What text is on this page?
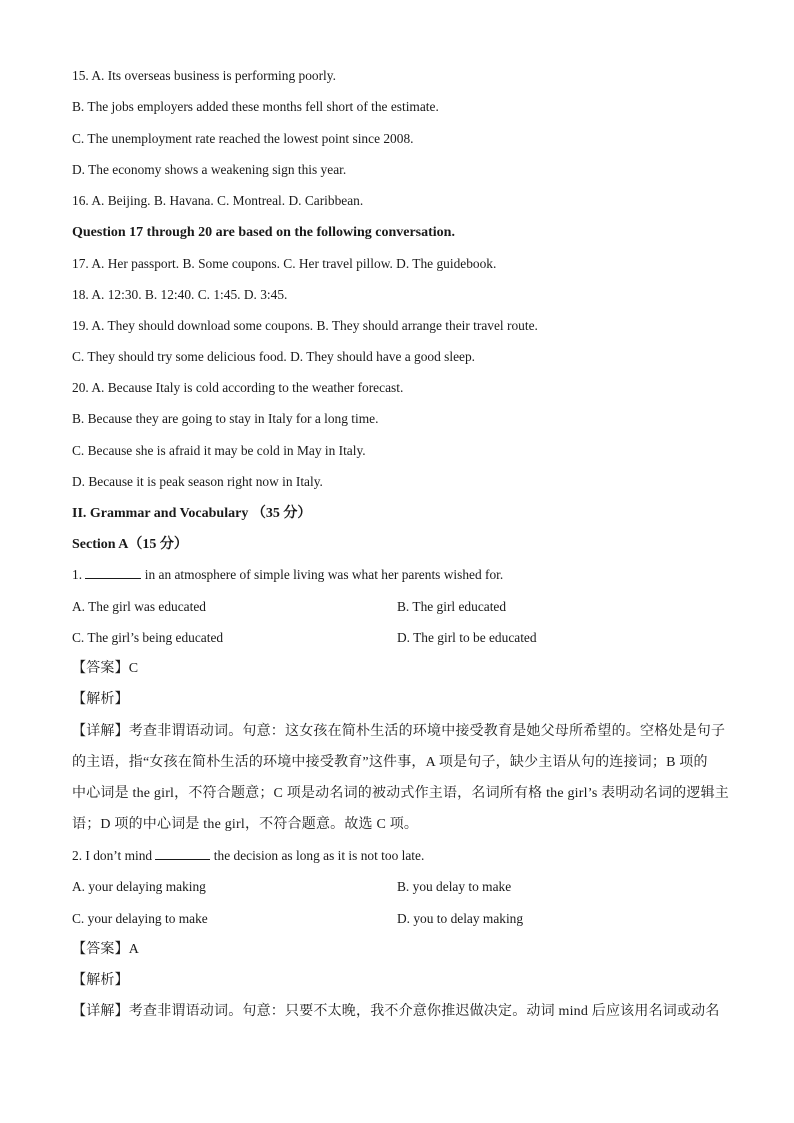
15. A. Its overseas business is performing poorly.

B. The jobs employers added these months fell short of the estimate.

C. The unemployment rate reached the lowest point since 2008.

D. The economy shows a weakening sign this year.

16. A. Beijing. B. Havana. C. Montreal. D. Caribbean.

Question 17 through 20 are based on the following conversation.

17. A. Her passport. B. Some coupons. C. Her travel pillow. D. The guidebook.

18. A. 12:30. B. 12:40. C. 1:45. D. 3:45.

19. A. They should download some coupons. B. They should arrange their travel route.

C. They should try some delicious food. D. They should have a good sleep.

20. A. Because Italy is cold according to the weather forecast.

B. Because they are going to stay in Italy for a long time.

C. Because she is afraid it may be cold in May in Italy.

D. Because it is peak season right now in Italy.

II. Grammar and Vocabulary （35 分）

Section A（15 分）

1.	in an atmosphere of simple living was what her parents wished for.

A. The girl was educated	B. The girl educated

C. The girl’s being educated	D. The girl to be educated

【答案】C

【解析】

【详解】考查非谓语动词。句意：这女孩在简朴生活的环境中接受教育是她父母所希望的。空格处是句子

的主语，指“女孩在简朴生活的环境中接受教育”这件事，A 项是句子，缺少主语从句的连接词；B 项的

中心词是 the girl，不符合题意；C 项是动名词的被动式作主语，名词所有格 the girl’s 表明动名词的逻辑主

语；D 项的中心词是 the girl，不符合题意。故选 C 项。

2. I don’t mind	the decision as long as it is not too late.

A. your delaying making	B. you delay to make

C. your delaying to make	D. you to delay making

【答案】A

【解析】

【详解】考查非谓语动词。句意：只要不太晚，我不介意你推迟做决定。动词 mind 后应该用名词或动名
